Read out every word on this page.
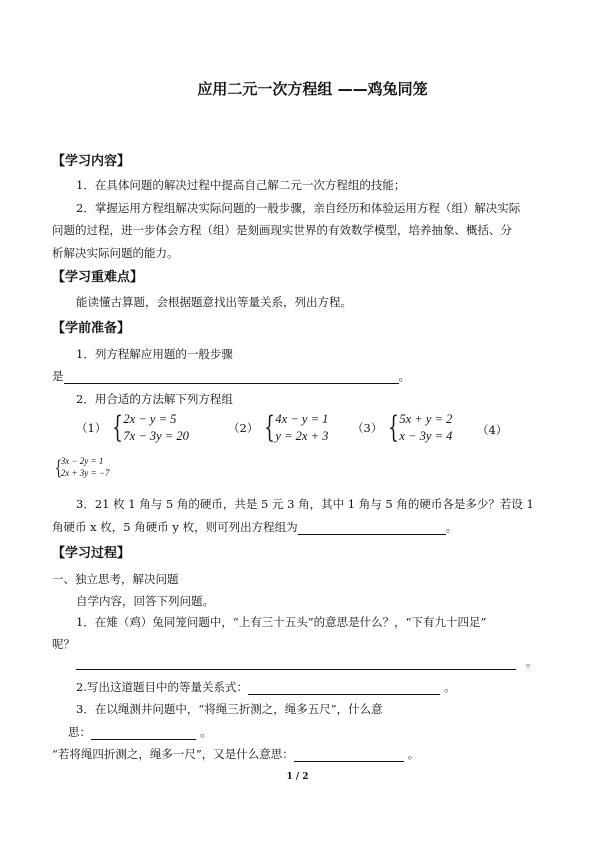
应用二元一次方程组 ——鸡兔同笼
【学习内容】
1．在具体问题的解决过程中提高自己解二元一次方程组的技能；
2．掌握运用方程组解决实际问题的一般步骤，亲自经历和体验运用方程（组）解决实际
问题的过程，进一步体会方程（组）是刻画现实世界的有效数学模型，培养抽象、概括、分
析解决实际问题的能力。
【学习重难点】
能读懂古算题，会根据题意找出等量关系，列出方程。
【学前准备】
1．列方程解应用题的一般步骤
是	。
2．用合适的方法解下列方程组
（1） { 2x − y = 5
7x − 3y = 20
（2） { 4x − y = 1
y = 2x + 3
（3） { 5x + y = 2
x − 3y = 4 （4）
{
3x − 2y = 1
2x + 3y = −7
3．21 枚 1 角与 5 角的硬币，共是 5 元 3 角，其中 1 角与 5 角的硬币各是多少？若设 1
角硬币 x 枚，5 角硬币 y 枚，则可列出方程组为	。
【学习过程】
一、独立思考，解决问题
自学内容，回答下列问题。
1．在雉（鸡）兔同笼问题中，“上有三十五头”的意思是什么？，“下有九十四足”
呢？
。
2.写出这道题目中的等量关系式：	。
3．在以绳测井问题中，“将绳三折测之，绳多五尺”，什么意
思：	。
“若将绳四折测之，绳多一尺”，又是什么意思：	。
1 / 2
